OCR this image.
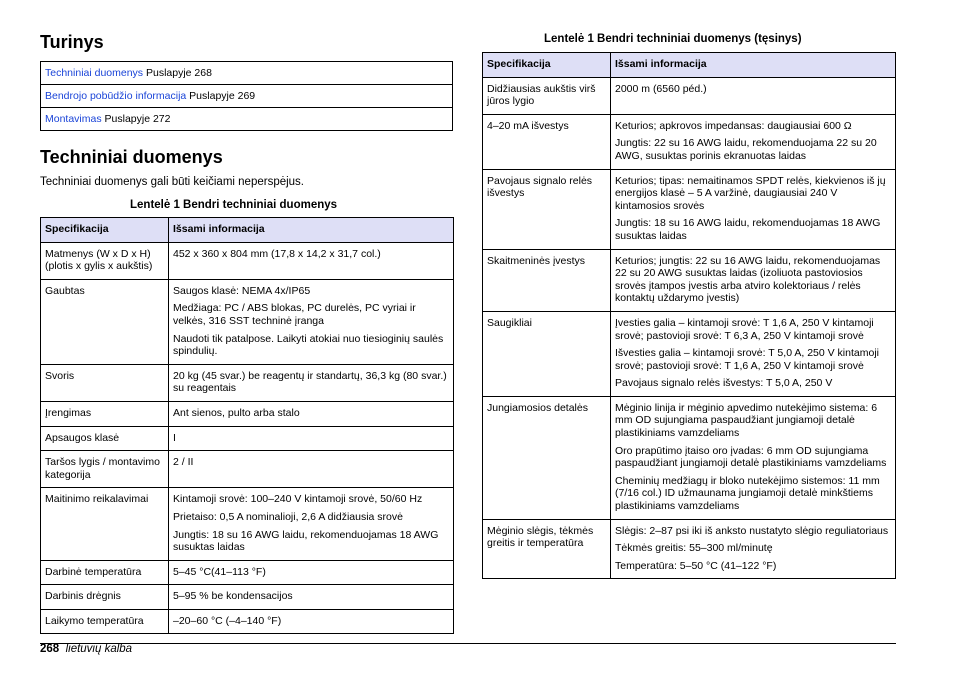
Turinys
Techniniai duomenys Puslapyje 268
Bendrojo pobūdžio informacija Puslapyje 269
Montavimas Puslapyje 272
Techniniai duomenys
Techniniai duomenys gali būti keičiami neperspėjus.
Lentelė 1 Bendri techniniai duomenys
Specifikacija	Išsami informacija
Matmenys (W x D x H) (plotis x gylis x aukštis)	452 x 360 x 804 mm (17,8 x 14,2 x 31,7 col.)

Gaubtas	Saugos klasė: NEMA 4x/IP65

Medžiaga: PC / ABS blokas, PC durelės, PC vyriai ir velkės, 316 SST techninė įranga

Naudoti tik patalpose. Laikyti atokiai nuo tiesioginių saulės spindulių.

Svoris	20 kg (45 svar.) be reagentų ir standartų, 36,3 kg (80 svar.) su reagentais

Įrengimas	Ant sienos, pulto arba stalo

Apsaugos klasė	I

Taršos lygis / montavimo kategorija	2 / II

Maitinimo reikalavimai	Kintamoji srovė: 100–240 V kintamoji srovė, 50/60 Hz

Prietaiso: 0,5 A nominalioji, 2,6 A didžiausia srovė

Jungtis: 18 su 16 AWG laidu, rekomenduojamas 18 AWG susuktas laidas

Darbinė temperatūra	5–45 °C(41–113 °F)

Darbinis drėgnis	5–95 % be kondensacijos

Laikymo temperatūra	–20–60 °C (–4–140 °F)

Lentelė 1 Bendri techniniai duomenys (tęsinys)
Specifikacija	Išsami informacija
Didžiausias aukštis virš jūros lygio	2000 m (6560 péd.)

4–20 mA išvestys	Keturios; apkrovos impedansas: daugiausiai 600 Ω

Jungtis: 22 su 16 AWG laidu, rekomenduojama 22 su 20 AWG, susuktas porinis ekranuotas laidas

Pavojaus signalo relės išvestys	Keturios; tipas: nemaitinamos SPDT relės, kiekvienos iš jų energijos klasė – 5 A varžinė, daugiausiai 240 V kintamosios srovės

Jungtis: 18 su 16 AWG laidu, rekomenduojamas 18 AWG susuktas laidas

Skaitmeninės įvestys	Keturios; jungtis: 22 su 16 AWG laidu, rekomenduojamas 22 su 20 AWG susuktas laidas (izoliuota pastoviosios srovės įtampos įvestis arba atviro kolektoriaus / relės kontaktų uždarymo įvestis)

Saugikliai	Įvesties galia – kintamoji srovė: T 1,6 A, 250 V kintamoji srovė; pastovioji srovė: T 6,3 A, 250 V kintamoji srovė

Išvesties galia – kintamoji srovė: T 5,0 A, 250 V kintamoji srovė; pastovioji srovė: T 1,6 A, 250 V kintamoji srovė

Pavojaus signalo relės išvestys: T 5,0 A, 250 V

Jungiamosios detalės	Mėginio linija ir mėginio apvedimo nutekėjimo sistema: 6 mm OD sujungiama paspaudžiant jungiamoji detalė plastikiniams vamzdeliams

Oro prapūtimo įtaiso oro įvadas: 6 mm OD sujungiama paspaudžiant jungiamoji detalė plastikiniams vamzdeliams

Cheminių medžiagų ir bloko nutekėjimo sistemos: 11 mm (7/16 col.) ID užmaunama jungiamoji detalė minkštiems plastikiniams vamzdeliams

Mėginio slėgis, tėkmės greitis ir temperatūra	Slėgis: 2–87 psi iki iš anksto nustatyto slėgio reguliatoriaus

Tėkmės greitis: 55–300 ml/minutę

Temperatūra: 5–50 °C (41–122 °F)

268 lietuvių kalba
